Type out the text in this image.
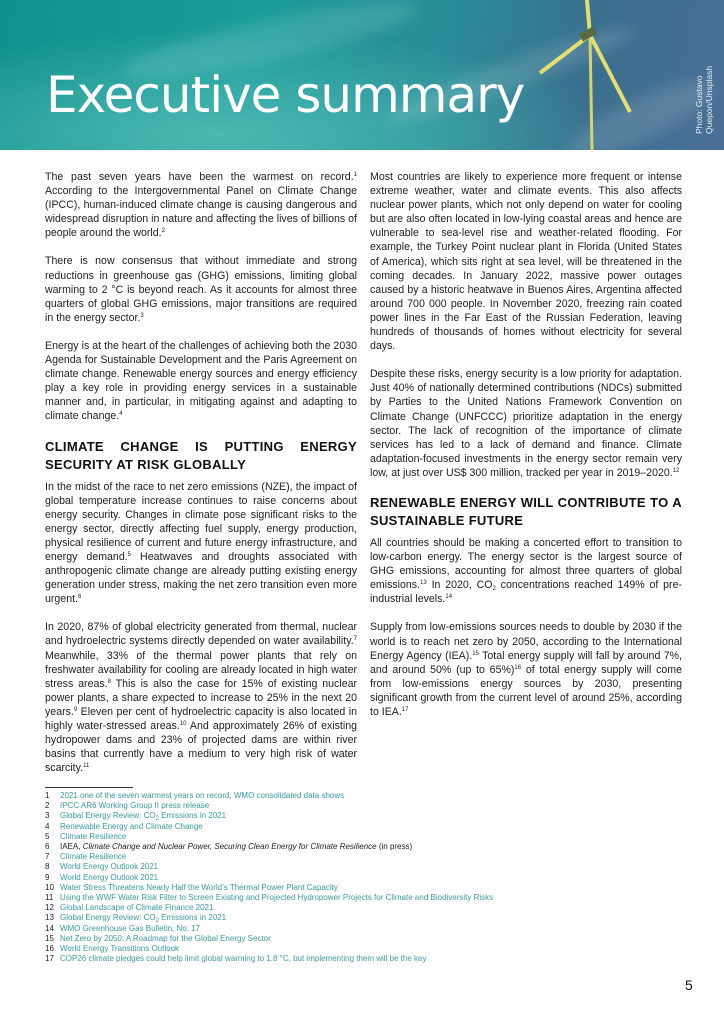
Executive summary	Photo: Gustavo Quepon/Unsplash

The past seven years have been the warmest on record.$^1$ According to the Intergovernmental Panel on Climate Change (IPCC), human-induced climate change is causing dangerous and widespread disruption in nature and affecting the lives of billions of people around the world.$^2$

There is now consensus that without immediate and strong reductions in greenhouse gas (GHG) emissions, limiting global warming to 2 °C is beyond reach. As it accounts for almost three quarters of global GHG emissions, major transitions are required in the energy sector.$^3$

Energy is at the heart of the challenges of achieving both the 2030 Agenda for Sustainable Development and the Paris Agreement on climate change. Renewable energy sources and energy efficiency play a key role in providing energy services in a sustainable manner and, in particular, in mitigating against and adapting to climate change.$^4$

CLIMATE CHANGE IS PUTTING ENERGY SECURITY AT RISK GLOBALLY

In the midst of the race to net zero emissions (NZE), the impact of global temperature increase continues to raise concerns about energy security. Changes in climate pose significant risks to the energy sector, directly affecting fuel supply, energy production, physical resilience of current and future energy infrastructure, and energy demand.$^5$ Heatwaves and droughts associated with anthropogenic climate change are already putting existing energy generation under stress, making the net zero transition even more urgent.$^6$

In 2020, 87% of global electricity generated from thermal, nuclear and hydroelectric systems directly depended on water availability.$^7$ Meanwhile, 33% of the thermal power plants that rely on freshwater availability for cooling are already located in high water stress areas.$^8$ This is also the case for 15% of existing nuclear power plants, a share expected to increase to 25% in the next 20 years.$^9$ Eleven per cent of hydroelectric capacity is also located in highly water-stressed areas.$^{10}$ And approximately 26% of existing hydropower dams and 23% of projected dams are within river basins that currently have a medium to very high risk of water scarcity.$^{11}$

Most countries are likely to experience more frequent or intense extreme weather, water and climate events. This also affects nuclear power plants, which not only depend on water for cooling but are also often located in low-lying coastal areas and hence are vulnerable to sea-level rise and weather-related flooding. For example, the Turkey Point nuclear plant in Florida (United States of America), which sits right at sea level, will be threatened in the coming decades. In January 2022, massive power outages caused by a historic heatwave in Buenos Aires, Argentina affected around 700 000 people. In November 2020, freezing rain coated power lines in the Far East of the Russian Federation, leaving hundreds of thousands of homes without electricity for several days.

Despite these risks, energy security is a low priority for adaptation. Just 40% of nationally determined contributions (NDCs) submitted by Parties to the United Nations Framework Convention on Climate Change (UNFCCC) prioritize adaptation in the energy sector. The lack of recognition of the importance of climate services has led to a lack of demand and finance. Climate adaptation-focused investments in the energy sector remain very low, at just over US$ 300 million, tracked per year in 2019–2020.12

RENEWABLE ENERGY WILL CONTRIBUTE TO A SUSTAINABLE FUTURE

All countries should be making a concerted effort to transition to low-carbon energy. The energy sector is the largest source of GHG emissions, accounting for almost three quarters of global emissions.$^{13}$ In 2020, $CO_2$ concentrations reached 149% of pre-industrial levels.$^{14}$

Supply from low-emissions sources needs to double by 2030 if the world is to reach net zero by 2050, according to the International Energy Agency (IEA).$^{15}$ Total energy supply will fall by around 7%, and around 50% (up to 65%)$^{16}$ of total energy supply will come from low-emissions energy sources by 2030, presenting significant growth from the current level of around 25%, according to IEA.$^{17}$

1 2021 one of the seven warmest years on record, WMO consolidated data shows
2 IPCC AR6 Working Group II press release
3 Global Energy Review: $CO_2$ Emissions in 2021
4 Renewable Energy and Climate Change
5 Climate Resilience
6 IAEA, Climate Change and Nuclear Power, Securing Clean Energy for Climate Resilience (in press)
7 Climate Resilience
8 World Energy Outlook 2021
9 World Energy Outlook 2021
10 Water Stress Threatens Nearly Half the World’s Thermal Power Plant Capacity
11 Using the WWF Water Risk Filter to Screen Existing and Projected Hydropower Projects for Climate and Biodiversity Risks
12 Global Landscape of Climate Finance 2021
13 Global Energy Review: $CO_2$ Emissions in 2021
14 WMO Greenhouse Gas Bulletin, No. 17
15 Net Zero by 2050: A Roadmap for the Global Energy Sector
16 World Energy Transitions Outlook
17 COP26 climate pledges could help limit global warming to 1.8 °C, but implementing them will be the key
5
